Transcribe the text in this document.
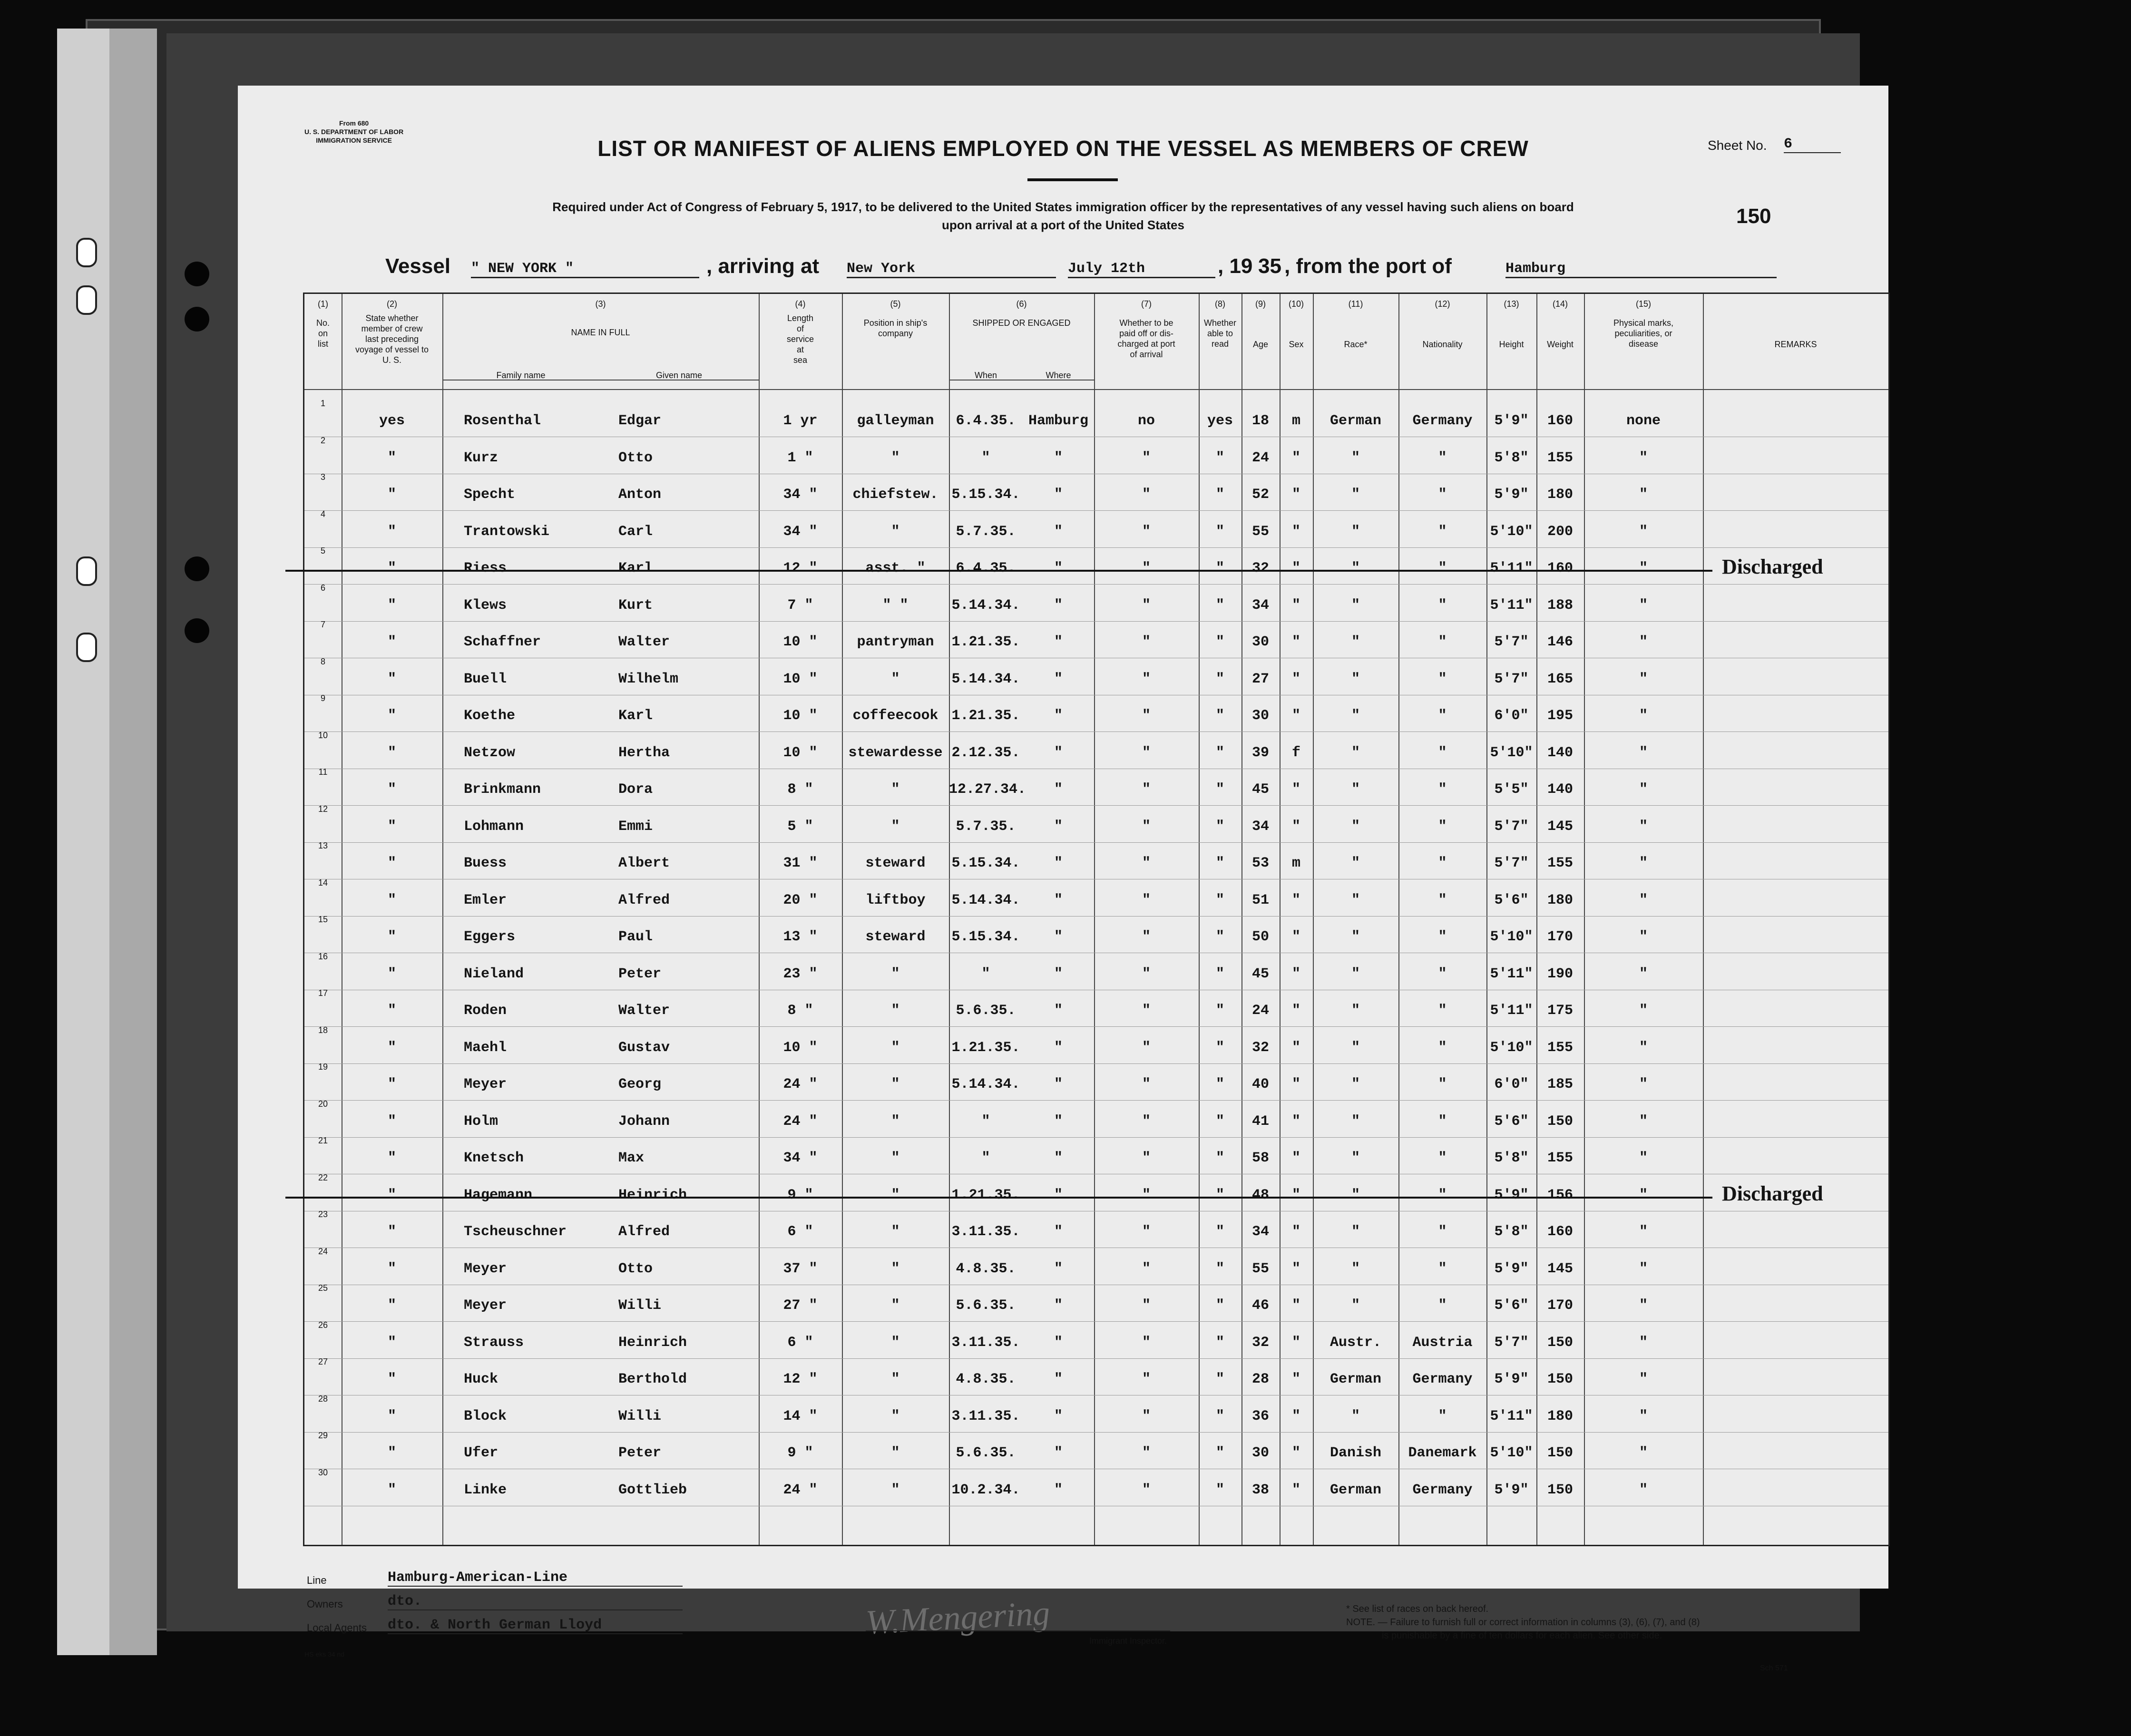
From 680
U. S. DEPARTMENT OF LABOR
IMMIGRATION SERVICE	LIST OR MANIFEST OF ALIENS EMPLOYED ON THE VESSEL AS MEMBERS OF CREW
Required under Act of Congress of February 5, 1917, to be delivered to the United States immigration officer by the representatives of any vessel having such aliens on board
upon arrival at a port of the United States
Sheet No. 6
150
Vessel " NEW YORK "	, arriving at New York	July 12th	, 19 35 , from the port of	Hamburg
(1)
No.
on
list
(2)
State whether
member of crew
last preceding
voyage of vessel to
U. S.
(3)
NAME IN FULL
Family name	Given name
(4)
Length
of
service
at
sea
(5)
Position in ship's
company
(6)
SHIPPED OR ENGAGED
When	Where
(7)
Whether to be
paid off or dis-
charged at port
of arrival
(8)
Whether
able to
read
(9)
Age
(10)
Sex
(11)
Race*
(12)
Nationality
(13)
Height
(14)
Weight
(15)
Physical marks,
peculiarities, or
disease	REMARKS
1
yes	Rosenthal	Edgar	1 yr	galleyman	6.4.35. Hamburg	no	yes	18	m	German	Germany	5'9"	160	none
2
"	Kurz	Otto	1 "	"	"	"	"	"	24	"	"	"	5'8"	155	"
3
"	Specht	Anton	34 "	chiefstew. 5.15.34.	"	"	"	52	"	"	"	5'9"	180	"
4
"	Trantowski	Carl	34 "	"	5.7.35.	"	"	"	55	"	"	"	5'10"	200	"
5
"	Riess	Karl	12 "	asst. "	6.4.35.	"	"	"	32	"	"	"	5'11"	160	"	Discharged
6
"	Klews	Kurt	7 "	" "	5.14.34.	"	"	"	34	"	"	"	5'11"	188	"
7
"	Schaffner	Walter	10 "	pantryman	1.21.35.	"	"	"	30	"	"	"	5'7"	146	"
8
"	Buell	Wilhelm	10 "	"	5.14.34.	"	"	"	27	"	"	"	5'7"	165	"
9
"	Koethe	Karl	10 "	coffeecook 1.21.35.	"	"	"	30	"	"	"	6'0"	195	"
10
"	Netzow	Hertha	10 "	stewardesse 2.12.35.	"	"	"	39	f	"	"	5'10"	140	"
11
"	Brinkmann	Dora	8 "	"	12.27.34.	"	"	"	45	"	"	"	5'5"	140	"
12
"	Lohmann	Emmi	5 "	"	5.7.35.	"	"	"	34	"	"	"	5'7"	145	"
13
"	Buess	Albert	31 "	steward	5.15.34.	"	"	"	53	m	"	"	5'7"	155	"
14
"	Emler	Alfred	20 "	liftboy	5.14.34.	"	"	"	51	"	"	"	5'6"	180	"
15
"	Eggers	Paul	13 "	steward	5.15.34.	"	"	"	50	"	"	"	5'10"	170	"
16
"	Nieland	Peter	23 "	"	"	"	"	"	45	"	"	"	5'11"	190	"
17
"	Roden	Walter	8 "	"	5.6.35.	"	"	"	24	"	"	"	5'11"	175	"
18
"	Maehl	Gustav	10 "	"	1.21.35.	"	"	"	32	"	"	"	5'10"	155	"
19
"	Meyer	Georg	24 "	"	5.14.34.	"	"	"	40	"	"	"	6'0"	185	"
20
"	Holm	Johann	24 "	"	"	"	"	"	41	"	"	"	5'6"	150	"
21
"	Knetsch	Max	34 "	"	"	"	"	"	58	"	"	"	5'8"	155	"
22
"	Hagemann	Heinrich	9 "	"	1.21.35.	"	"	"	48	"	"	"	5'9"	156	"	Discharged
23
"	Tscheuschner	Alfred	6 "	"	3.11.35.	"	"	"	34	"	"	"	5'8"	160	"
24
"	Meyer	Otto	37 "	"	4.8.35.	"	"	"	55	"	"	"	5'9"	145	"
25
"	Meyer	Willi	27 "	"	5.6.35.	"	"	"	46	"	"	"	5'6"	170	"
26
"	Strauss	Heinrich	6 "	"	3.11.35.	"	"	"	32	"	Austr.	Austria	5'7"	150	"
27
"	Huck	Berthold	12 "	"	4.8.35.	"	"	"	28	"	German	Germany	5'9"	150	"
28
"	Block	Willi	14 "	"	3.11.35.	"	"	"	36	"	"	"	5'11"	180	"
29
"	Ufer	Peter	9 "	"	5.6.35.	"	"	"	30	"	Danish	Danemark 5'10"	150	"
30
"	Linke	Gottlieb	24 "	"	10.2.34.	"	"	"	38	"	German	Germany	5'9"	150	"
Line	Hamburg-American-Line
Owners	dto.
Local Agents dto. & North German Lloyd
HS eks 34 nd
W.Mengering	Immigrant Inspector.
* See list of races on back hereof.
NOTE. — Failure to furnish full or correct information in columns (3), (6), (7), and (8)
is punishable by a fine of ten dollars for each alien. See other side.
Sch 571
